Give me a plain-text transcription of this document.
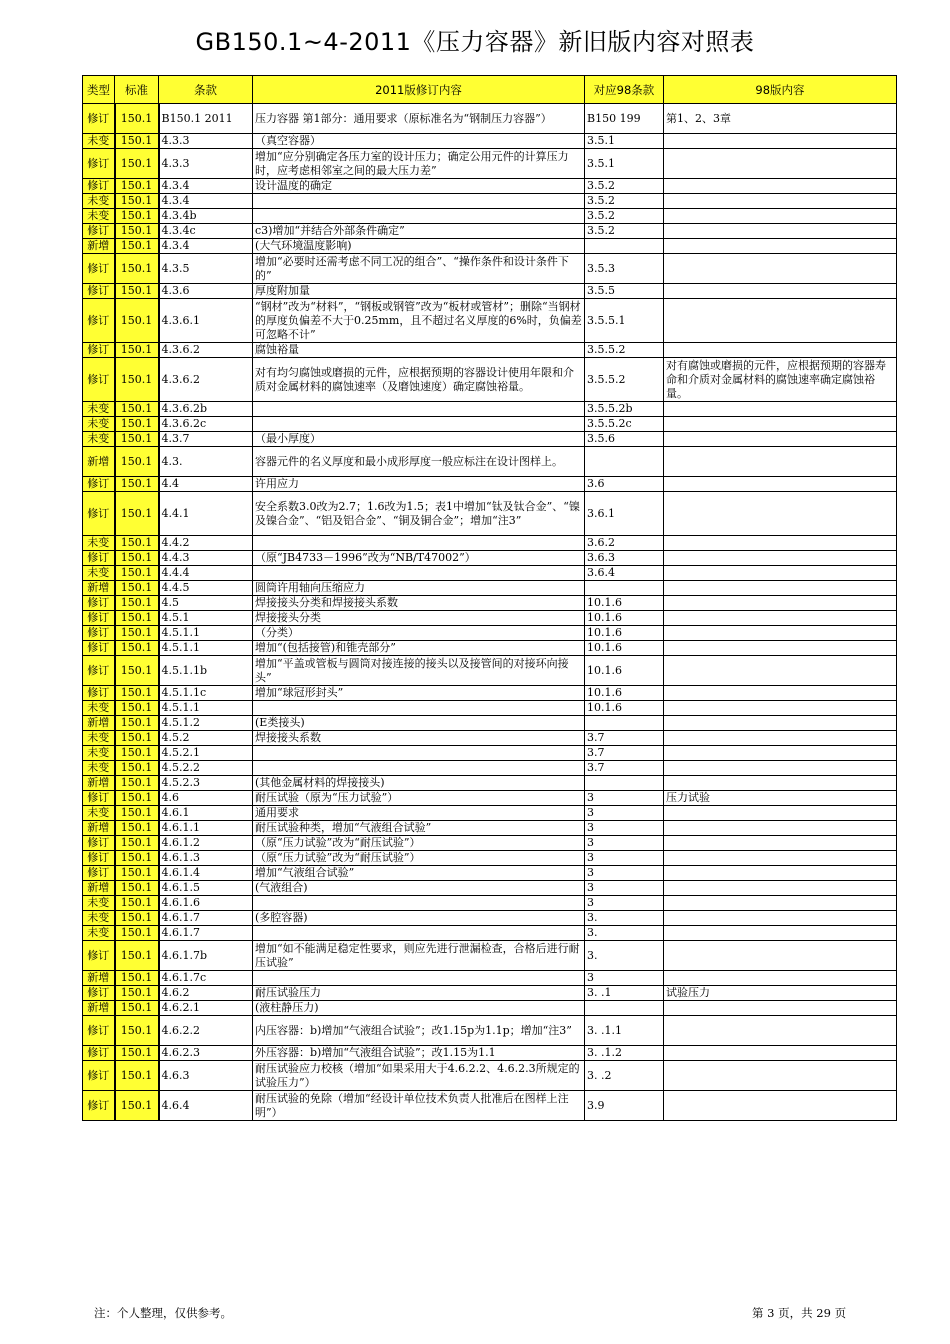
GB150.1~4-2011《压力容器》新旧版内容对照表
类型	标准	条款	2011版修订内容	对应98条款	98版内容
修订	150.1	B150.1 2011	压力容器 第1部分：通用要求（原标准名为“钢制压力容器”）	B150 199	第1、2、3章
未变	150.1	4.3.3	（真空容器）	3.5.1	
修订	150.1	4.3.3	增加“应分别确定各压力室的设计压力；确定公用元件的计算压力时，应考虑相邻室之间的最大压力差”	3.5.1	
修订	150.1	4.3.4	设计温度的确定	3.5.2	
未变	150.1	4.3.4		3.5.2	
未变	150.1	4.3.4b		3.5.2	
修订	150.1	4.3.4c	c3)增加“并结合外部条件确定”	3.5.2	
新增	150.1	4.3.4	(大气环境温度影响)		
修订	150.1	4.3.5	增加“必要时还需考虑不同工况的组合”、“操作条件和设计条件下的”	3.5.3	
修订	150.1	4.3.6	厚度附加量	3.5.5	
修订	150.1	4.3.6.1	“钢材”改为“材料”，“钢板或钢管”改为“板材或管材”；删除“当钢材的厚度负偏差不大于0.25mm，且不超过名义厚度的6%时，负偏差可忽略不计”	3.5.5.1	
修订	150.1	4.3.6.2	腐蚀裕量	3.5.5.2	
修订	150.1	4.3.6.2	对有均匀腐蚀或磨损的元件，应根据预期的容器设计使用年限和介质对金属材料的腐蚀速率（及磨蚀速度）确定腐蚀裕量。	3.5.5.2	对有腐蚀或磨损的元件，应根据预期的容器寿命和介质对金属材料的腐蚀速率确定腐蚀裕量。
未变	150.1	4.3.6.2b		3.5.5.2b	
未变	150.1	4.3.6.2c		3.5.5.2c	
未变	150.1	4.3.7	（最小厚度）	3.5.6	
新增	150.1	4.3.	容器元件的名义厚度和最小成形厚度一般应标注在设计图样上。		
修订	150.1	4.4	许用应力	3.6	
修订	150.1	4.4.1	安全系数3.0改为2.7；1.6改为1.5；表1中增加“钛及钛合金”、“镍及镍合金”、“铝及铝合金”、“铜及铜合金”；增加“注3”	3.6.1	
未变	150.1	4.4.2		3.6.2	
修订	150.1	4.4.3	（原“JB4733－1996”改为“NB/T47002”）	3.6.3	
未变	150.1	4.4.4		3.6.4	
新增	150.1	4.4.5	圆筒许用轴向压缩应力		
修订	150.1	4.5	焊接接头分类和焊接接头系数	10.1.6	
修订	150.1	4.5.1	焊接接头分类	10.1.6	
修订	150.1	4.5.1.1	（分类）	10.1.6	
修订	150.1	4.5.1.1	增加“(包括接管)和锥壳部分”	10.1.6	
修订	150.1	4.5.1.1b	增加“平盖或管板与圆筒对接连接的接头以及接管间的对接环向接头”	10.1.6	
修订	150.1	4.5.1.1c	增加“球冠形封头”	10.1.6	
未变	150.1	4.5.1.1		10.1.6	
新增	150.1	4.5.1.2	(E类接头)		
未变	150.1	4.5.2	焊接接头系数	3.7	
未变	150.1	4.5.2.1		3.7	
未变	150.1	4.5.2.2		3.7	
新增	150.1	4.5.2.3	(其他金属材料的焊接接头)		
修订	150.1	4.6	耐压试验（原为“压力试验”）	3	压力试验
未变	150.1	4.6.1	通用要求	3	
新增	150.1	4.6.1.1	耐压试验种类，增加“气液组合试验”	3	
修订	150.1	4.6.1.2	（原“压力试验”改为“耐压试验”）	3	
修订	150.1	4.6.1.3	（原“压力试验”改为“耐压试验”）	3	
修订	150.1	4.6.1.4	增加“气液组合试验”	3	
新增	150.1	4.6.1.5	(气液组合)	3	
未变	150.1	4.6.1.6		3	
未变	150.1	4.6.1.7	(多腔容器)	3.	
未变	150.1	4.6.1.7		3.	
修订	150.1	4.6.1.7b	增加“如不能满足稳定性要求，则应先进行泄漏检查，合格后进行耐压试验”	3.	
新增	150.1	4.6.1.7c		3	
修订	150.1	4.6.2	耐压试验压力	3. .1	试验压力
新增	150.1	4.6.2.1	(液柱静压力)		
修订	150.1	4.6.2.2	内压容器：b)增加“气液组合试验”；改1.15p为1.1p；增加“注3”	3. .1.1	
修订	150.1	4.6.2.3	外压容器：b)增加“气液组合试验”；改1.15为1.1	3. .1.2	
修订	150.1	4.6.3	耐压试验应力校核（增加“如果采用大于4.6.2.2、4.6.2.3所规定的试验压力”）	3. .2	
修订	150.1	4.6.4	耐压试验的免除（增加“经设计单位技术负责人批准后在图样上注明”）	3.9	
注：个人整理，仅供参考。	第 3 页，共 29 页
